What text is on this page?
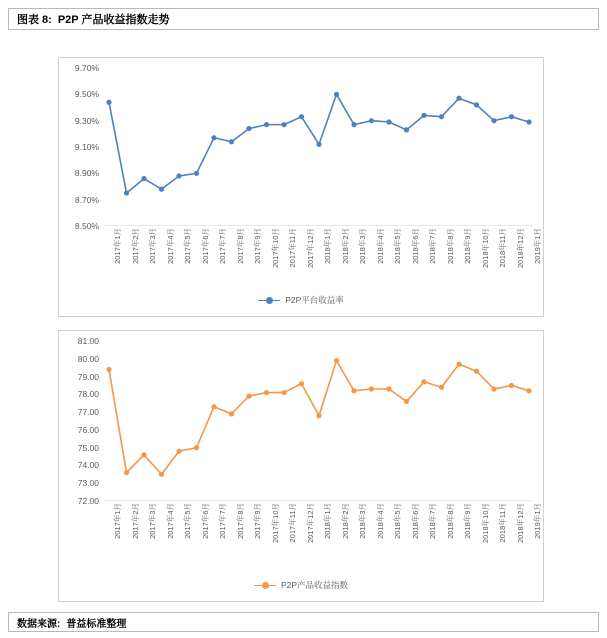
图表 8: P2P 产品收益指数走势
8.50%
8.70%
8.90%
9.10%
9.30%
9.50%
9.70%
2017年1月 2017年2月 2017年3月 2017年4月 2017年5月 2017年6月 2017年7月 2017年8月 2017年9月 2017年10月 2017年11月 2017年12月 2018年1月 2018年2月 2018年3月 2018年4月 2018年5月 2018年6月 2018年7月 2018年8月 2018年9月 2018年10月 2018年11月 2018年12月 2019年1月
P2P平台收益率
72.00
73.00
74.00
75.00
76.00
77.00
78.00
79.00
80.00
81.00
2017年1月 2017年2月 2017年3月 2017年4月 2017年5月 2017年6月 2017年7月 2017年8月 2017年9月 2017年10月 2017年11月 2017年12月 2018年1月 2018年2月 2018年3月 2018年4月 2018年5月 2018年6月 2018年7月 2018年8月 2018年9月 2018年10月 2018年11月 2018年12月 2019年1月
P2P产品收益指数
数据来源: 普益标准整理
